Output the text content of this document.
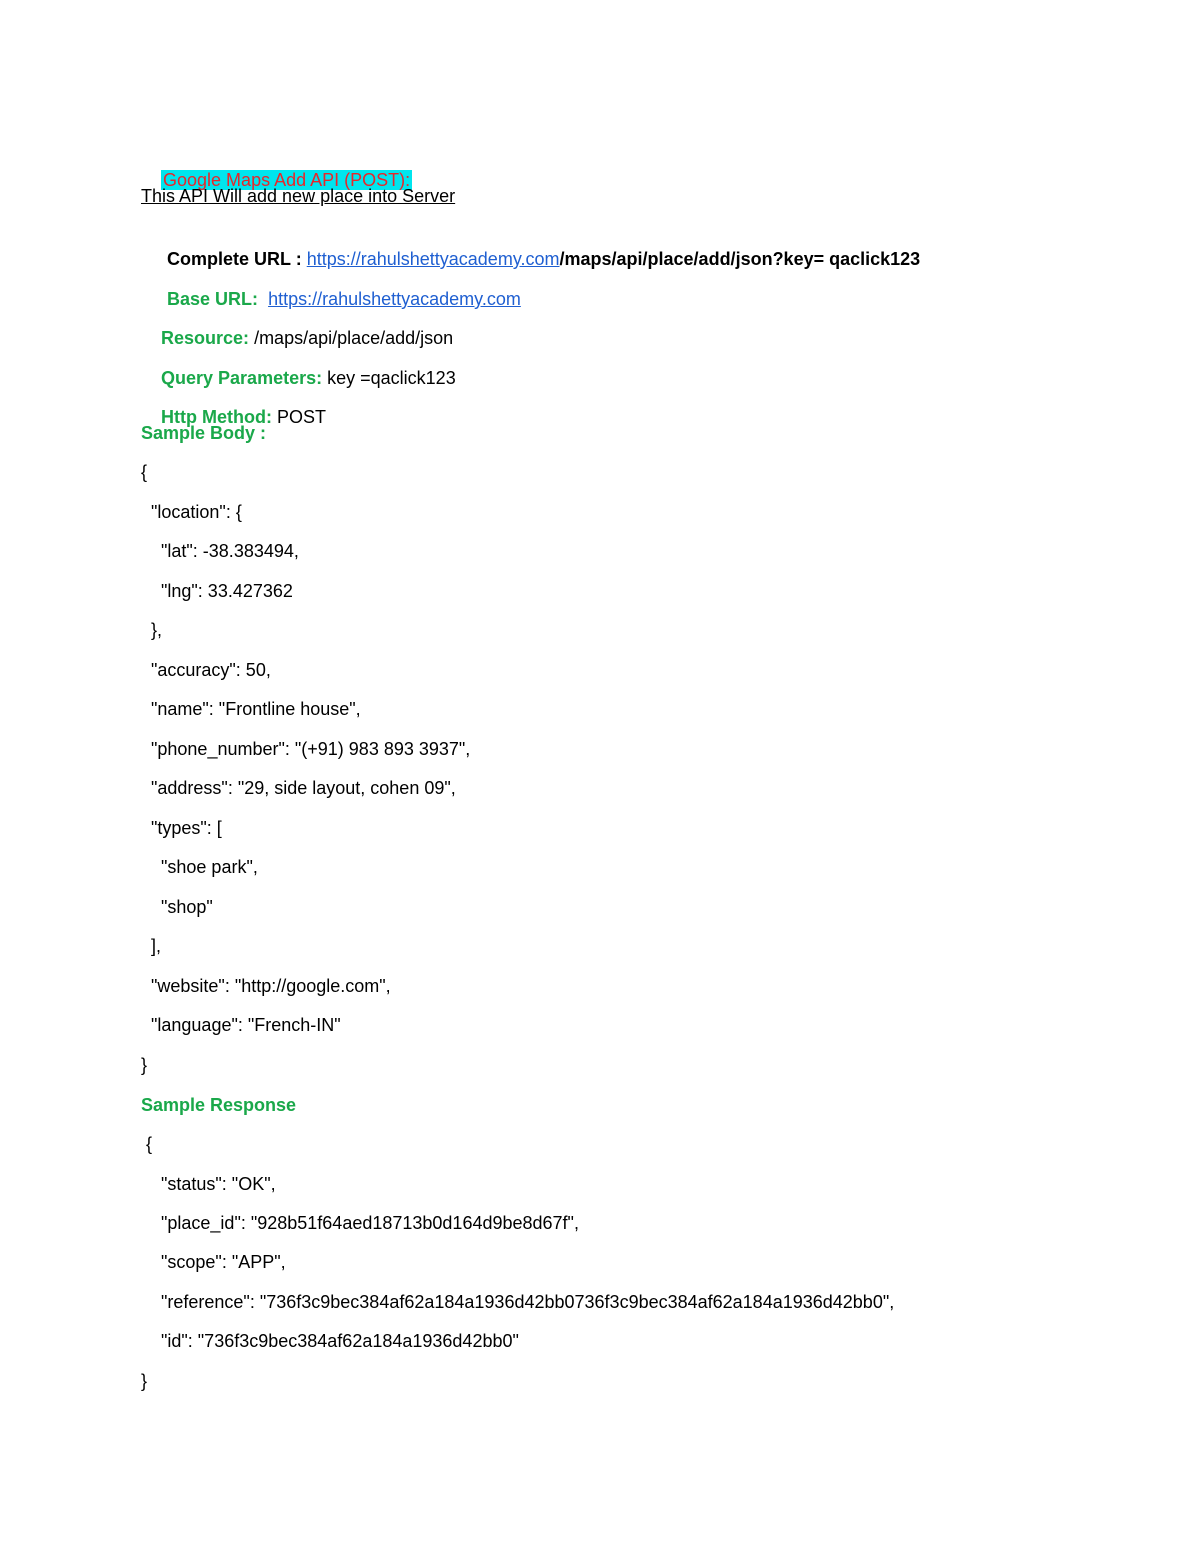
Google Maps Add API (POST):

This API Will add new place into Server

Complete URL : https://rahulshettyacademy.com/maps/api/place/add/json?key= qaclick123

Base URL: https://rahulshettyacademy.com

Resource: /maps/api/place/add/json

Query Parameters: key =qaclick123

Http Method: POST

Sample Body :
{
"location": {
"lat": -38.383494,
"lng": 33.427362
},
"accuracy": 50,
"name": "Frontline house",
"phone_number": "(+91) 983 893 3937",
"address": "29, side layout, cohen 09",
"types": [
"shoe park",
"shop"
],
"website": "http://google.com",
"language": "French-IN"
}
Sample Response
{
"status": "OK",
"place_id": "928b51f64aed18713b0d164d9be8d67f",
"scope": "APP",
"reference": "736f3c9bec384af62a184a1936d42bb0736f3c9bec384af62a184a1936d42bb0",
"id": "736f3c9bec384af62a184a1936d42bb0"
}
